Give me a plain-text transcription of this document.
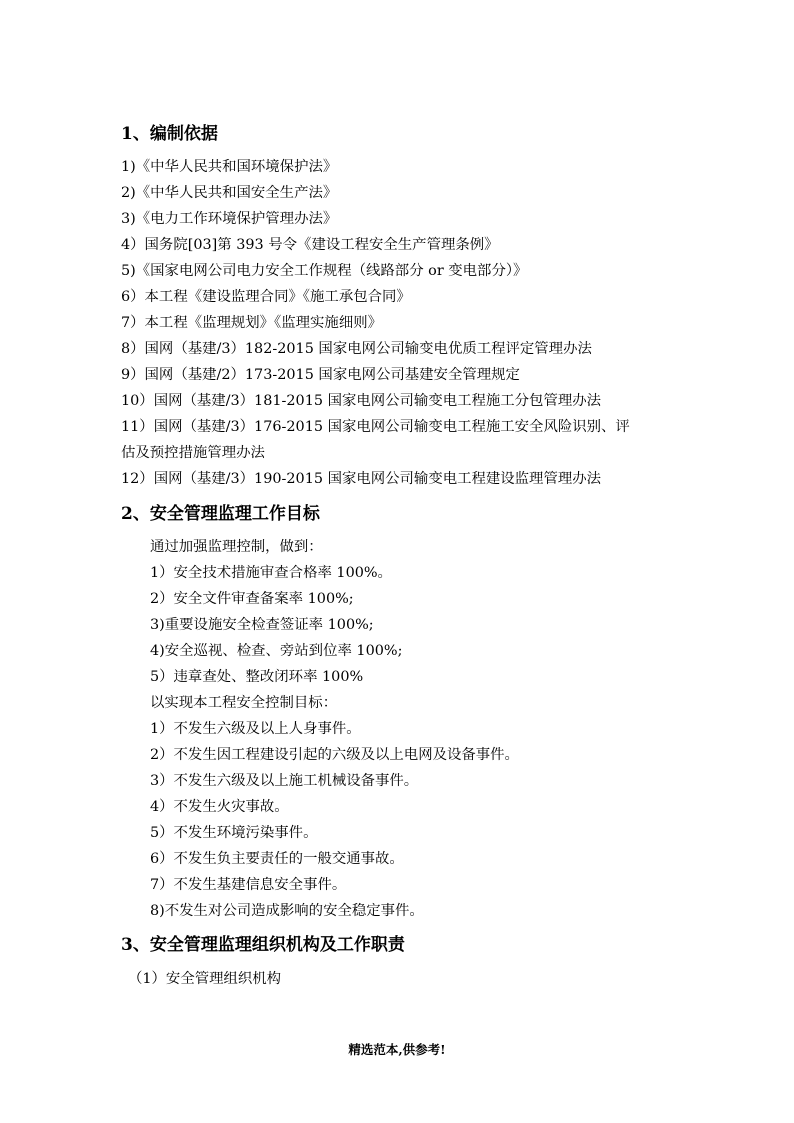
1、编制依据
1)《中华人民共和国环境保护法》
2)《中华人民共和国安全生产法》
3)《电力工作环境保护管理办法》
4）国务院[03]第 393 号令《建设工程安全生产管理条例》
5)《国家电网公司电力安全工作规程（线路部分 or 变电部分）》
6）本工程《建设监理合同》《施工承包合同》
7）本工程《监理规划》《监理实施细则》
8）国网（基建/3）182-2015 国家电网公司输变电优质工程评定管理办法
9）国网（基建/2）173-2015 国家电网公司基建安全管理规定
10）国网（基建/3）181-2015 国家电网公司输变电工程施工分包管理办法
11）国网（基建/3）176-2015 国家电网公司输变电工程施工安全风险识别、评
估及预控措施管理办法
12）国网（基建/3）190-2015 国家电网公司输变电工程建设监理管理办法
2、安全管理监理工作目标
通过加强监理控制，做到：
1）安全技术措施审查合格率 100%。
2）安全文件审查备案率 100%;
3)重要设施安全检查签证率 100%;
4)安全巡视、检查、旁站到位率 100%;
5）违章查处、整改闭环率 100%
以实现本工程安全控制目标：
1）不发生六级及以上人身事件。
2）不发生因工程建设引起的六级及以上电网及设备事件。
3）不发生六级及以上施工机械设备事件。
4）不发生火灾事故。
5）不发生环境污染事件。
6）不发生负主要责任的一般交通事故。
7）不发生基建信息安全事件。
8)不发生对公司造成影响的安全稳定事件。
3、安全管理监理组织机构及工作职责
（1）安全管理组织机构
精选范本,供参考!
